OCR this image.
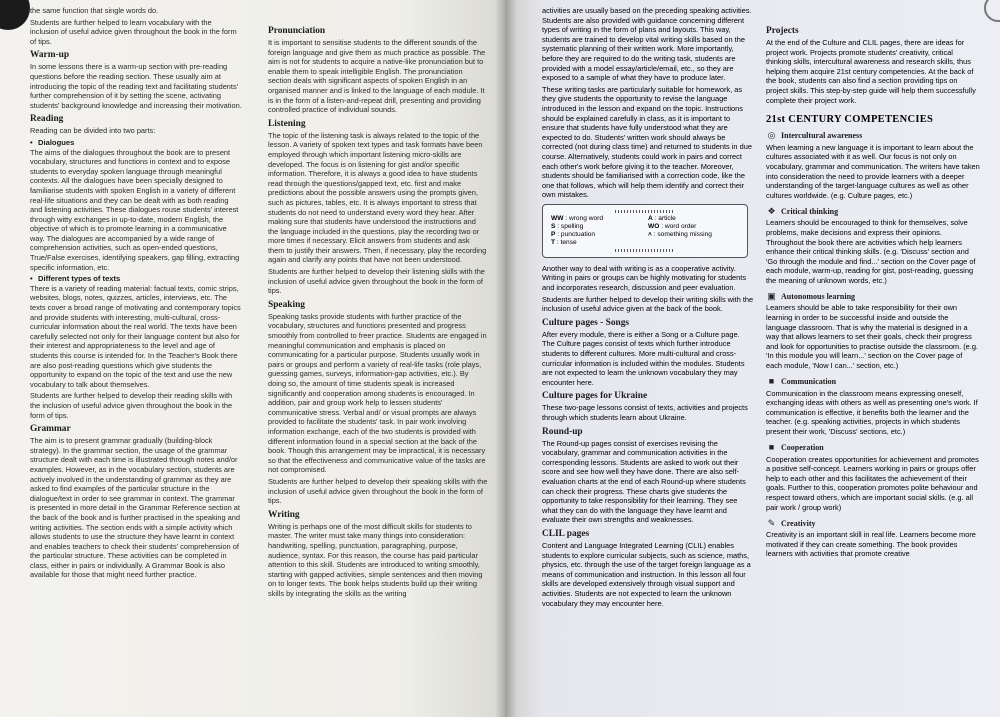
the same function that single words do.

Students are further helped to learn vocabulary with the inclusion of useful advice given throughout the book in the form of tips.

Warm-up

In some lessons there is a warm-up section with pre-reading questions before the reading section. These usually aim at introducing the topic of the reading text and facilitating students' further comprehension of it by setting the scene, activating students' background knowledge and increasing their motivation.

Reading

Reading can be divided into two parts:

• Dialogues

The aims of the dialogues throughout the book are to present vocabulary, structures and functions in context and to expose students to everyday spoken language through meaningful contexts. All the dialogues have been specially designed to familiarise students with spoken English in a variety of different real-life situations and they can be dealt with as both reading and listening activities. These dialogues rouse students' interest through witty exchanges in up-to-date, modern English, the objective of which is to promote learning in a communicative way. The dialogues are accompanied by a wide range of comprehension activities, such as open-ended questions, True/False exercises, identifying speakers, gap filling, extracting specific information, etc.

• Different types of texts

There is a variety of reading material: factual texts, comic strips, websites, blogs, notes, quizzes, articles, interviews, etc. The texts cover a broad range of motivating and contemporary topics and provide students with interesting, multi-cultural, cross-curricular information about the real world. The texts have been carefully selected not only for their language content but also for their interest and appropriateness to the level and age of students this course is intended for. In the Teacher's Book there are also post-reading questions which give students the opportunity to expand on the topic of the text and use the new vocabulary to talk about themselves.

Students are further helped to develop their reading skills with the inclusion of useful advice given throughout the book in the form of tips.

Grammar

The aim is to present grammar gradually (building-block strategy). In the grammar section, the usage of the grammar structure dealt with each time is illustrated through notes and/or examples. However, as in the vocabulary section, students are actively involved in the understanding of grammar as they are asked to find examples of the particular structure in the dialogue/text in order to see grammar in context. The grammar is presented in more detail in the Grammar Reference section at the back of the book and is further practised in the speaking and writing activities. The section ends with a simple activity which allows students to use the structure they have learnt in context and enables teachers to check their students' comprehension of the particular structure. These activities can be completed in class, either in pairs or individually. A Grammar Book is also available for those that might need further practice.

Pronunciation

It is important to sensitise students to the different sounds of the foreign language and give them as much practice as possible. The aim is not for students to acquire a native-like pronunciation but to enable them to speak intelligible English. The pronunciation section deals with significant aspects of spoken English in an organised manner and is linked to the language of each module. It is in the form of a listen-and-repeat drill, presenting and providing controlled practice of individual sounds.

Listening

The topic of the listening task is always related to the topic of the lesson. A variety of spoken text types and task formats have been employed through which important listening micro-skills are developed. The focus is on listening for gist and/or specific information. Therefore, it is always a good idea to have students read through the questions/gapped text, etc. first and make predictions about the possible answers using the prompts given, such as pictures, tables, etc. It is always important to stress that students do not need to understand every word they hear. After making sure that students have understood the instructions and the language included in the questions, play the recording two or more times if necessary. Elicit answers from students and ask them to justify their answers. Then, if necessary, play the recording again and clarify any points that have not been understood.

Students are further helped to develop their listening skills with the inclusion of useful advice given throughout the book in the form of tips.

Speaking

Speaking tasks provide students with further practice of the vocabulary, structures and functions presented and progress smoothly from controlled to freer practice. Students are engaged in meaningful communication and emphasis is placed on communicating for a particular purpose. Students usually work in pairs or groups and perform a variety of real-life tasks (role plays, guessing games, surveys, information-gap activities, etc.). By doing so, the amount of time students speak is increased significantly and cooperation among students is encouraged. In addition, pair and group work help to lessen students' communicative stress. Verbal and/ or visual prompts are always provided to facilitate the students' task. In pair work involving information exchange, each of the two students is provided with different information found in a special section at the back of the book. Though this arrangement may be impractical, it is necessary so that the effectiveness and communicative value of the tasks are not compromised.

Students are further helped to develop their speaking skills with the inclusion of useful advice given throughout the book in the form of tips.

Writing

Writing is perhaps one of the most difficult skills for students to master. The writer must take many things into consideration: handwriting, spelling, punctuation, paragraphing, purpose, audience, syntax. For this reason, the course has paid particular attention to this skill. Students are introduced to writing smoothly, starting with gapped activities, simple sentences and then moving on to longer texts. The book helps students build up their writing skills by integrating the skills as the writing

activities are usually based on the preceding speaking activities. Students are also provided with guidance concerning different types of writing in the form of plans and layouts. This way, students are trained to develop vital writing skills based on the systematic planning of their written work. More importantly, before they are required to do the writing task, students are provided with a model essay/article/email, etc., so they are exposed to a sample of what they have to produce later.

These writing tasks are particularly suitable for homework, as they give students the opportunity to revise the language introduced in the lesson and expand on the topic. Instructions should be explained carefully in class, as it is important to ensure that students have fully understood what they are expected to do. Students' written work should always be corrected (not during class time) and returned to students in due course. Alternatively, students could work in pairs and correct each other's work before giving it to the teacher. Moreover, students should be familiarised with a correction code, like the one that follows, which will help them identify and correct their own mistakes.

WW : wrong word	A : article
S : spelling	WO : word order
P : punctuation	˄ : something missing
T : tense

Another way to deal with writing is as a cooperative activity. Writing in pairs or groups can be highly motivating for students and incorporates research, discussion and peer evaluation.

Students are further helped to develop their writing skills with the inclusion of useful advice given at the back of the book.

Culture pages - Songs

After every module, there is either a Song or a Culture page. The Culture pages consist of texts which further introduce students to different cultures. More multi-cultural and cross-curricular information is included within the modules. Students are not expected to learn the unknown vocabulary they may encounter here.

Culture pages for Ukraine

These two-page lessons consist of texts, activities and projects through which students learn about Ukraine.

Round-up

The Round-up pages consist of exercises revising the vocabulary, grammar and communication activities in the corresponding lessons. Students are asked to work out their score and see how well they have done. There are also self-evaluation charts at the end of each Round-up where students can check their progress. These charts give students the opportunity to take responsibility for their learning. They see what they can do with the language they have learnt and evaluate their own strengths and weaknesses.

CLIL pages

Content and Language Integrated Learning (CLIL) enables students to explore curricular subjects, such as science, maths, physics, etc. through the use of the target foreign language as a means of communication and instruction. In this lesson all four skills are developed extensively through visual support and activities. Students are not expected to learn the unknown vocabulary they may encounter here.

Projects

At the end of the Culture and CLIL pages, there are ideas for project work. Projects promote students' creativity, critical thinking skills, intercultural awareness and research skills, thus helping them acquire 21st century competencies. At the back of the book, students can also find a section providing tips on project skills. This step-by-step guide will help them successfully complete their project work.

21st CENTURY COMPETENCIES
◎ Intercultural awareness

When learning a new language it is important to learn about the cultures associated with it as well. Our focus is not only on vocabulary, grammar and communication. The writers have taken into consideration the need to provide learners with a deeper understanding of the target-language cultures as well as other cultures worldwide. (e.g. Culture pages, etc.)

❖ Critical thinking

Learners should be encouraged to think for themselves, solve problems, make decisions and express their opinions. Throughout the book there are activities which help learners enhance their critical thinking skills. (e.g. 'Discuss' section and 'Go through the module and find...' section on the Cover page of each module, warm-up, reading for gist, post-reading, guessing the meaning of unknown words, etc.)

▣ Autonomous learning

Learners should be able to take responsibility for their own learning in order to be successful inside and outside the language classroom. That is why the material is designed in a way that allows learners to set their goals, check their progress and look for opportunities to practise outside the classroom. (e.g. 'In this module you will learn...' section on the Cover page of each module, 'Now I can...' section, etc.)

■ Communication

Communication in the classroom means expressing oneself, exchanging ideas with others as well as presenting one's work. If communication is effective, it benefits both the learner and the teacher. (e.g. speaking activities, projects in which students present their work, 'Discuss' sections, etc.)

■ Cooperation

Cooperation creates opportunities for achievement and promotes a positive self-concept. Learners working in pairs or groups offer help to each other and this facilitates the achievement of their goals. Further to this, cooperation promotes polite behaviour and respect toward others, which are important social skills. (e.g. all pair work / group work)

✎ Creativity

Creativity is an important skill in real life. Learners become more motivated if they can create something. The book provides learners with activities that promote creative
